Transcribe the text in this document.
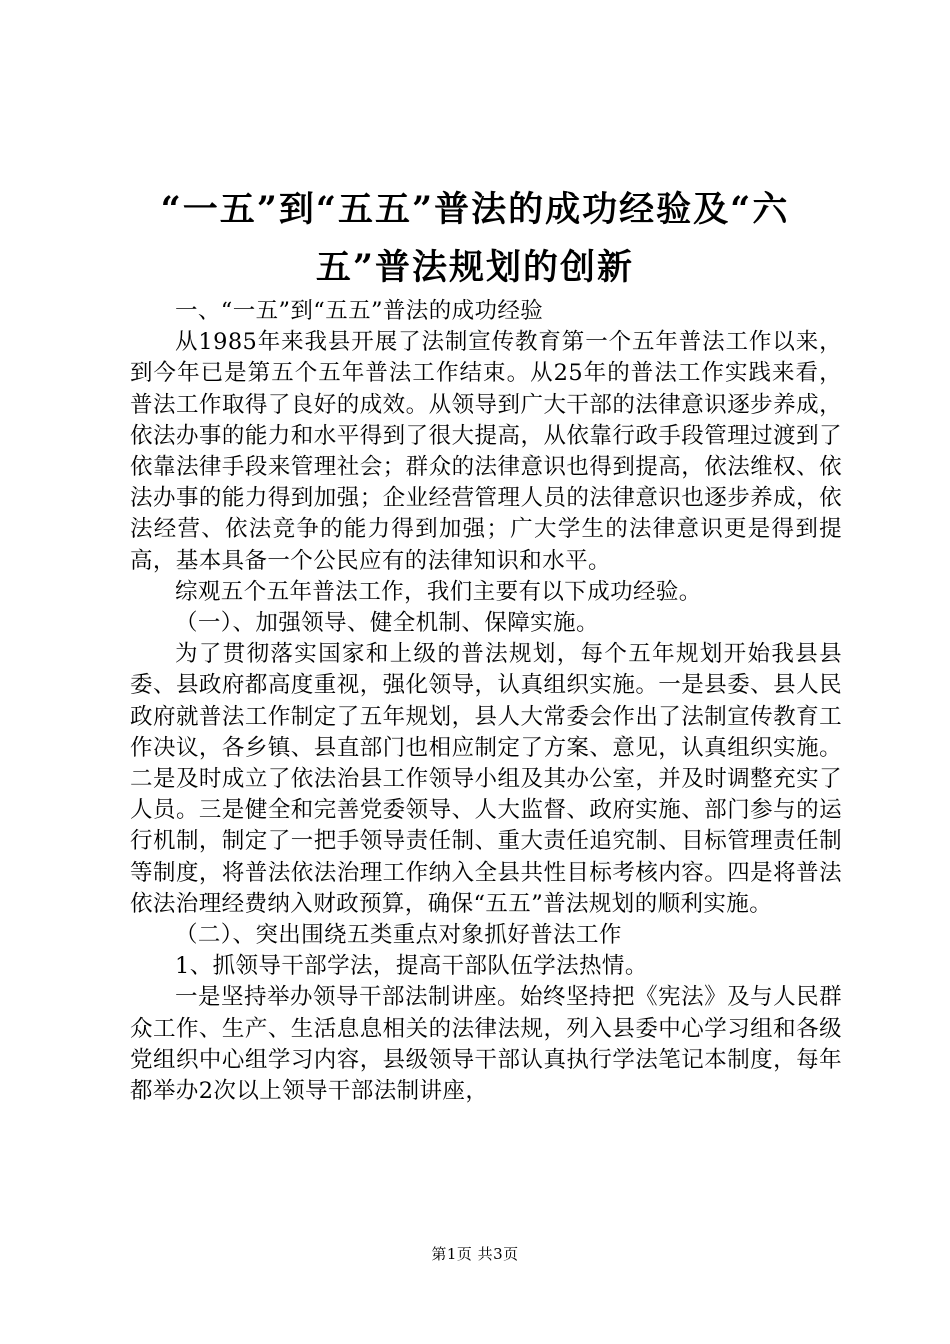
“一五”到“五五”普法的成功经验及“六
五”普法规划的创新

一、“一五”到“五五”普法的成功经验

从1985年来我县开展了法制宣传教育第一个五年普法工作以来，到今年已是第五个五年普法工作结束。从25年的普法工作实践来看，普法工作取得了良好的成效。从领导到广大干部的法律意识逐步养成，依法办事的能力和水平得到了很大提高，从依靠行政手段管理过渡到了依靠法律手段来管理社会；群众的法律意识也得到提高，依法维权、依法办事的能力得到加强；企业经营管理人员的法律意识也逐步养成，依法经营、依法竞争的能力得到加强；广大学生的法律意识更是得到提高，基本具备一个公民应有的法律知识和水平。

综观五个五年普法工作，我们主要有以下成功经验。

（一）、加强领导、健全机制、保障实施。

为了贯彻落实国家和上级的普法规划，每个五年规划开始我县县委、县政府都高度重视，强化领导，认真组织实施。一是县委、县人民政府就普法工作制定了五年规划，县人大常委会作出了法制宣传教育工作决议，各乡镇、县直部门也相应制定了方案、意见，认真组织实施。二是及时成立了依法治县工作领导小组及其办公室，并及时调整充实了人员。三是健全和完善党委领导、人大监督、政府实施、部门参与的运行机制，制定了一把手领导责任制、重大责任追究制、目标管理责任制等制度，将普法依法治理工作纳入全县共性目标考核内容。四是将普法依法治理经费纳入财政预算，确保“五五”普法规划的顺利实施。

（二）、突出围绕五类重点对象抓好普法工作

1、抓领导干部学法，提高干部队伍学法热情。

一是坚持举办领导干部法制讲座。始终坚持把《宪法》及与人民群众工作、生产、生活息息相关的法律法规，列入县委中心学习组和各级党组织中心组学习内容，县级领导干部认真执行学法笔记本制度，每年都举办2次以上领导干部法制讲座，

第1页 共3页
